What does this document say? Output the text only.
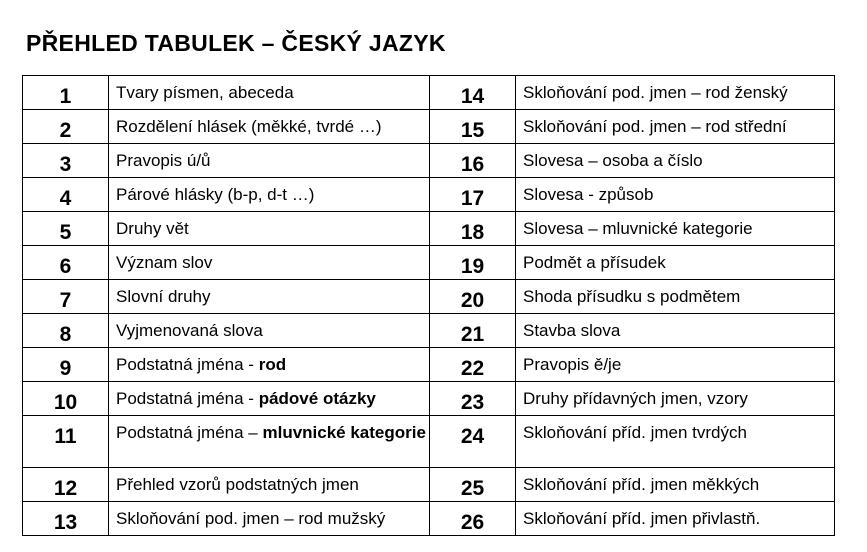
PŘEHLED TABULEK – ČESKÝ JAZYK
1	Tvary písmen, abeceda	14	Skloňování pod. jmen – rod ženský
2	Rozdělení hlásek (měkké, tvrdé …)	15	Skloňování pod. jmen – rod střední
3	Pravopis ú/ů	16	Slovesa – osoba a číslo
4	Párové hlásky (b-p, d-t …)	17	Slovesa - způsob
5	Druhy vět	18	Slovesa – mluvnické kategorie
6	Význam slov	19	Podmět a přísudek
7	Slovní druhy	20	Shoda přísudku s podmětem
8	Vyjmenovaná slova	21	Stavba slova
9	Podstatná jména - rod	22	Pravopis ě/je
10	Podstatná jména - pádové otázky	23	Druhy přídavných jmen, vzory
11	Podstatná jména – mluvnické kategorie	24	Skloňování příd. jmen tvrdých
12	Přehled vzorů podstatných jmen	25	Skloňování příd. jmen měkkých
13	Skloňování pod. jmen – rod mužský	26	Skloňování příd. jmen přivlastň.
